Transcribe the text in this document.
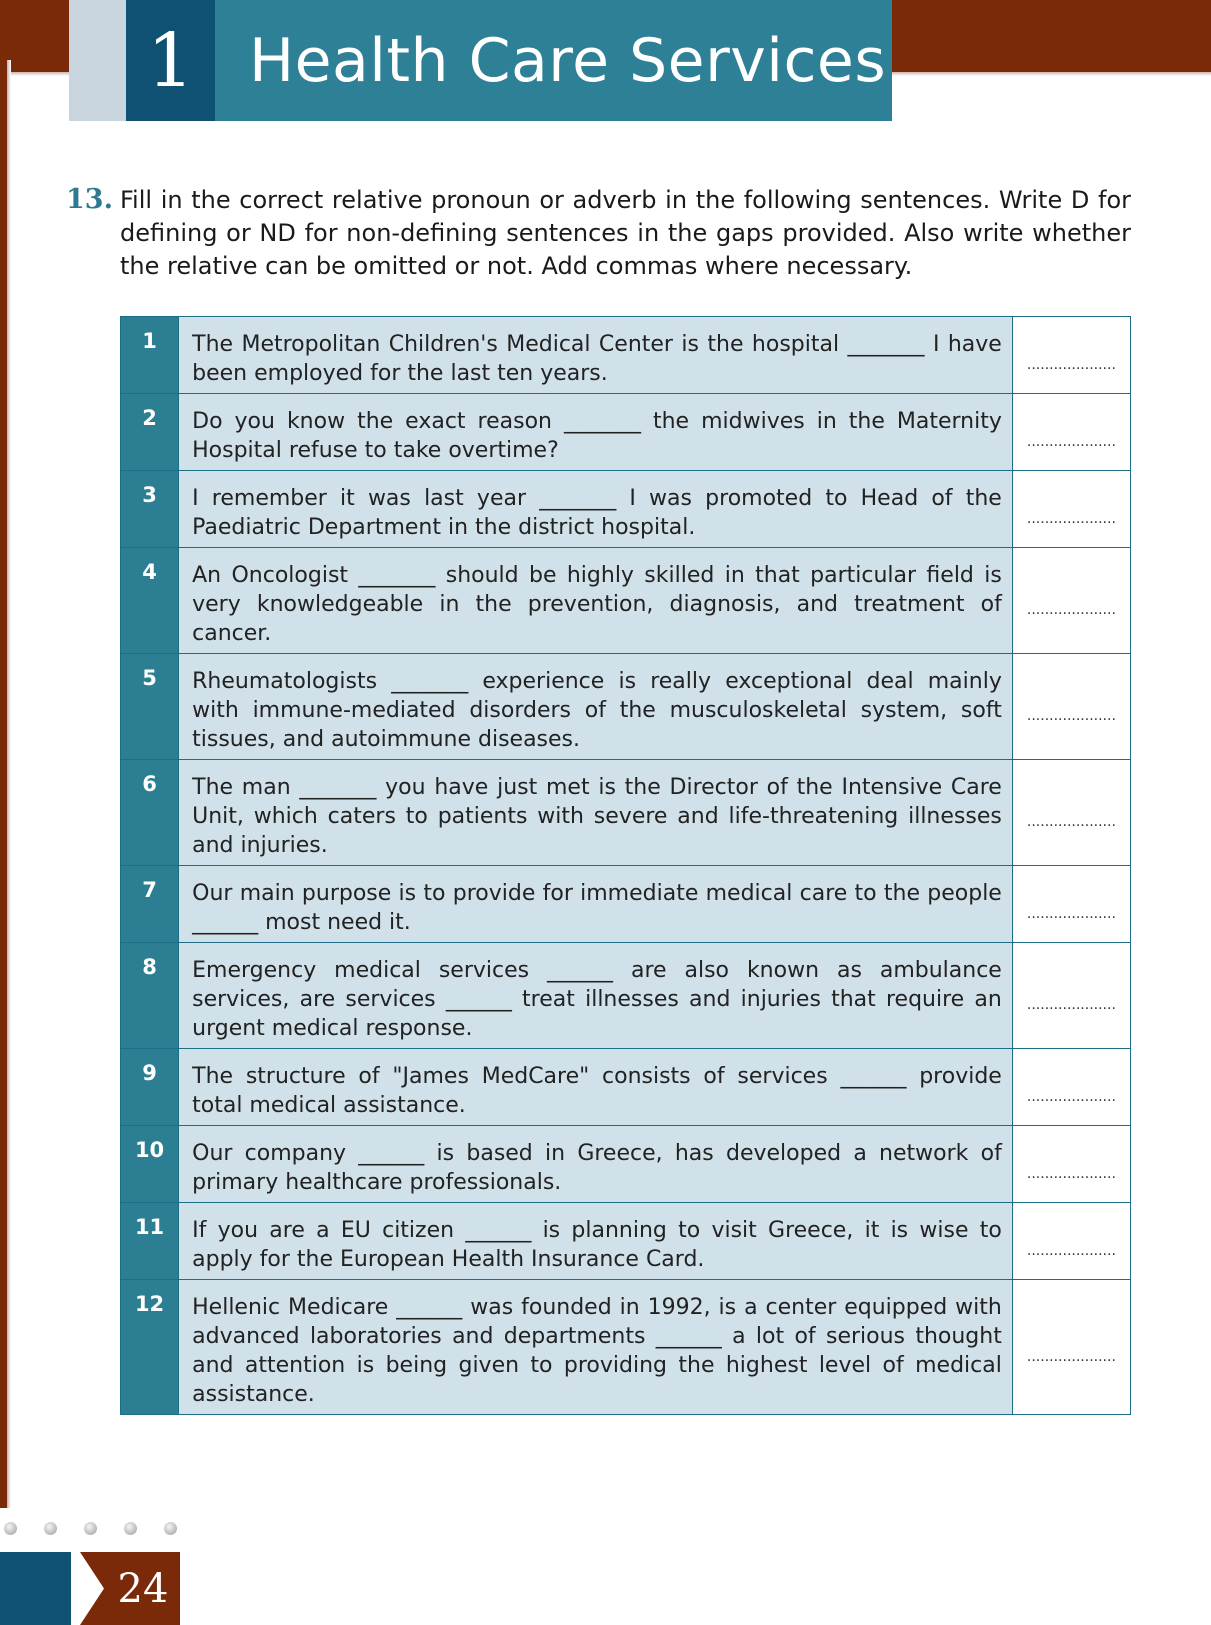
1 Health Care Services
13. Fill in the correct relative pronoun or adverb in the following sentences. Write D for defining or ND for non-defining sentences in the gaps provided. Also write whether the relative can be omitted or not. Add commas where necessary.
1	The Metropolitan Children's Medical Center is the hospital _______ I have been employed for the last ten years.	....................
2	Do you know the exact reason _______ the midwives in the Maternity Hospital refuse to take overtime?	....................
3	I remember it was last year _______ I was promoted to Head of the Paediatric Department in the district hospital.	....................
4	An Oncologist _______ should be highly skilled in that particular field is very knowledgeable in the prevention, diagnosis, and treatment of cancer.	....................
5	Rheumatologists _______ experience is really exceptional deal mainly with immune-mediated disorders of the musculoskeletal system, soft tissues, and autoimmune diseases.	....................
6	The man _______ you have just met is the Director of the Intensive Care Unit, which caters to patients with severe and life-threatening illnesses and injuries.	....................
7	Our main purpose is to provide for immediate medical care to the people ______ most need it.	....................
8	Emergency medical services ______ are also known as ambulance services, are services ______ treat illnesses and injuries that require an urgent medical response.	....................
9	The structure of "James MedCare" consists of services ______ provide total medical assistance.	....................
10	Our company ______ is based in Greece, has developed a network of primary healthcare professionals.	....................
11	If you are a EU citizen ______ is planning to visit Greece, it is wise to apply for the European Health Insurance Card.	....................
12	Hellenic Medicare ______ was founded in 1992, is a center equipped with advanced laboratories and departments ______ a lot of serious thought and attention is being given to providing the highest level of medical assistance.	....................
24
